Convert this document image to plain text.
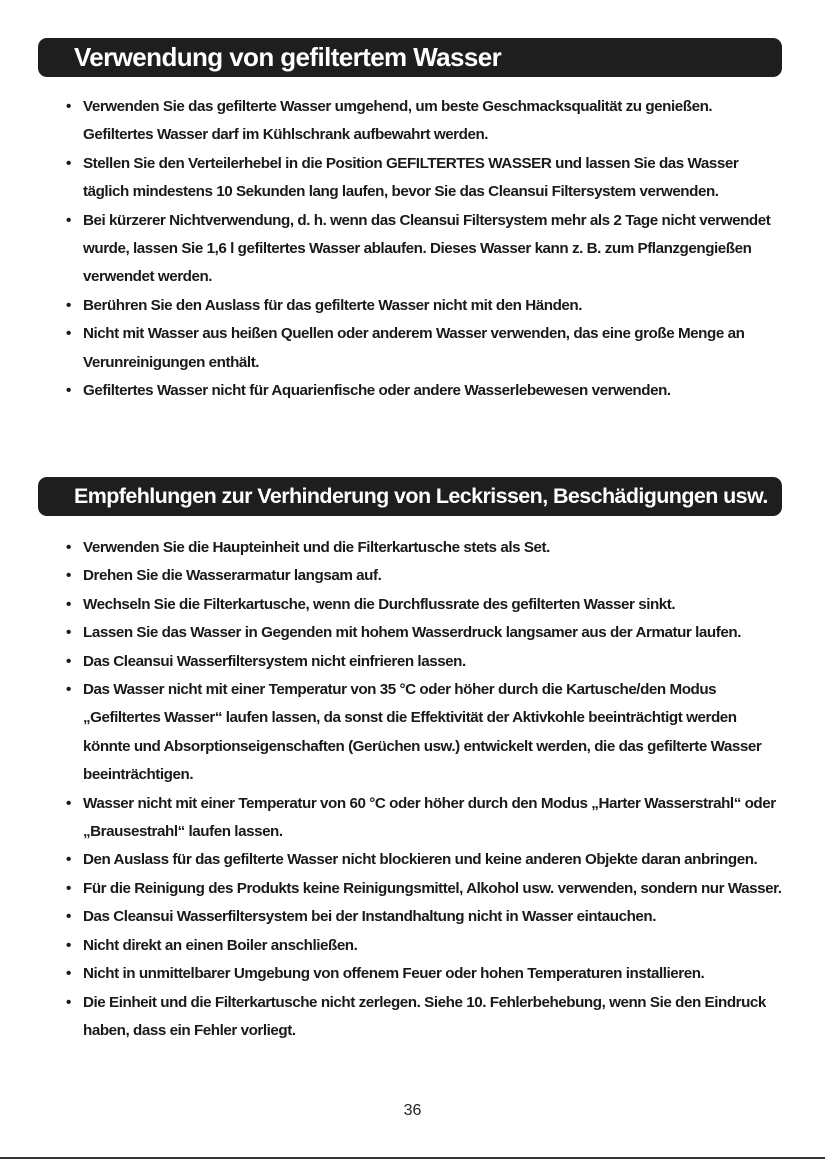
Verwendung von gefiltertem Wasser
• Verwenden Sie das gefilterte Wasser umgehend, um beste Geschmacksqualität zu genießen. Gefiltertes Wasser darf im Kühlschrank aufbewahrt werden.
• Stellen Sie den Verteilerhebel in die Position GEFILTERTES WASSER und lassen Sie das Wasser täglich mindestens 10 Sekunden lang laufen, bevor Sie das Cleansui Filtersystem verwenden.
• Bei kürzerer Nichtverwendung, d. h. wenn das Cleansui Filtersystem mehr als 2 Tage nicht verwendet wurde, lassen Sie 1,6 l gefiltertes Wasser ablaufen. Dieses Wasser kann z. B. zum Pflanzgengießen verwendet werden.
• Berühren Sie den Auslass für das gefilterte Wasser nicht mit den Händen.
• Nicht mit Wasser aus heißen Quellen oder anderem Wasser verwenden, das eine große Menge an Verunreinigungen enthält.
• Gefiltertes Wasser nicht für Aquarienfische oder andere Wasserlebewesen verwenden.
Empfehlungen zur Verhinderung von Leckrissen, Beschädigungen usw.
• Verwenden Sie die Haupteinheit und die Filterkartusche stets als Set.
• Drehen Sie die Wasserarmatur langsam auf.
• Wechseln Sie die Filterkartusche, wenn die Durchflussrate des gefilterten Wasser sinkt.
• Lassen Sie das Wasser in Gegenden mit hohem Wasserdruck langsamer aus der Armatur laufen.
• Das Cleansui Wasserfiltersystem nicht einfrieren lassen.
• Das Wasser nicht mit einer Temperatur von 35 °C oder höher durch die Kartusche/den Modus „Gefiltertes Wasser“ laufen lassen, da sonst die Effektivität der Aktivkohle beeinträchtigt werden könnte und Absorptionseigenschaften (Gerüchen usw.) entwickelt werden, die das gefilterte Wasser beeinträchtigen.
• Wasser nicht mit einer Temperatur von 60 °C oder höher durch den Modus „Harter Wasserstrahl“ oder „Brausestrahl“ laufen lassen.
• Den Auslass für das gefilterte Wasser nicht blockieren und keine anderen Objekte daran anbringen.
• Für die Reinigung des Produkts keine Reinigungsmittel, Alkohol usw. verwenden, sondern nur Wasser.
• Das Cleansui Wasserfiltersystem bei der Instandhaltung nicht in Wasser eintauchen.
• Nicht direkt an einen Boiler anschließen.
• Nicht in unmittelbarer Umgebung von offenem Feuer oder hohen Temperaturen installieren.
• Die Einheit und die Filterkartusche nicht zerlegen. Siehe 10. Fehlerbehebung, wenn Sie den Eindruck haben, dass ein Fehler vorliegt.
36
